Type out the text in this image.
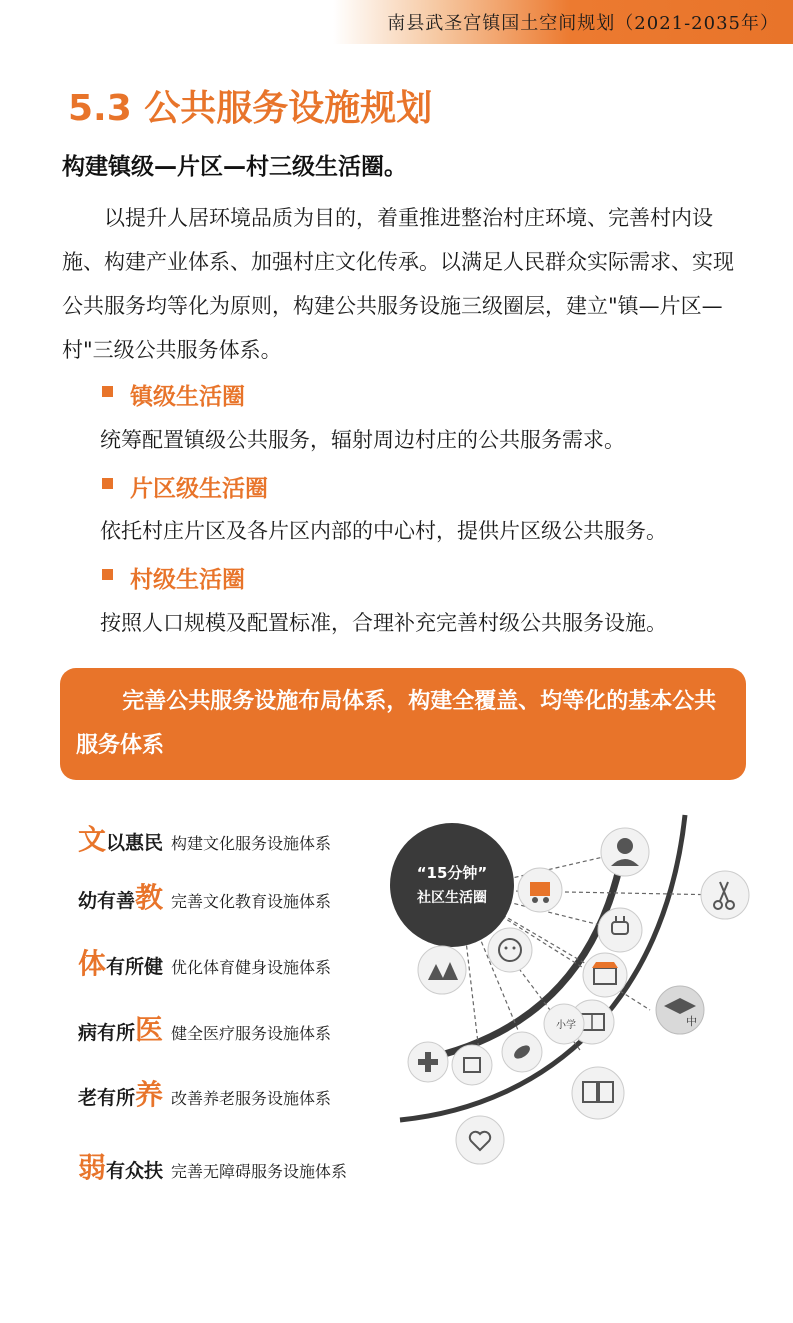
南县武圣宫镇国土空间规划（2021-2035年）
5.3 公共服务设施规划
构建镇级—片区—村三级生活圈。
以提升人居环境品质为目的，着重推进整治村庄环境、完善村内设施、构建产业体系、加强村庄文化传承。以满足人民群众实际需求、实现公共服务均等化为原则，构建公共服务设施三级圈层，建立"镇—片区—村"三级公共服务体系。
镇级生活圈
统筹配置镇级公共服务，辐射周边村庄的公共服务需求。
片区级生活圈
依托村庄片区及各片区内部的中心村，提供片区级公共服务。
村级生活圈
按照人口规模及配置标准，合理补充完善村级公共服务设施。
完善公共服务设施布局体系，构建全覆盖、均等化的基本公共服务体系
文以惠民 构建文化服务设施体系
幼有善教 完善文化教育设施体系
体有所健 优化体育健身设施体系
病有所医 健全医疗服务设施体系
老有所养 改善养老服务设施体系
弱有众扶 完善无障碍服务设施体系
“15分钟”
社区生活圈
中
小学
